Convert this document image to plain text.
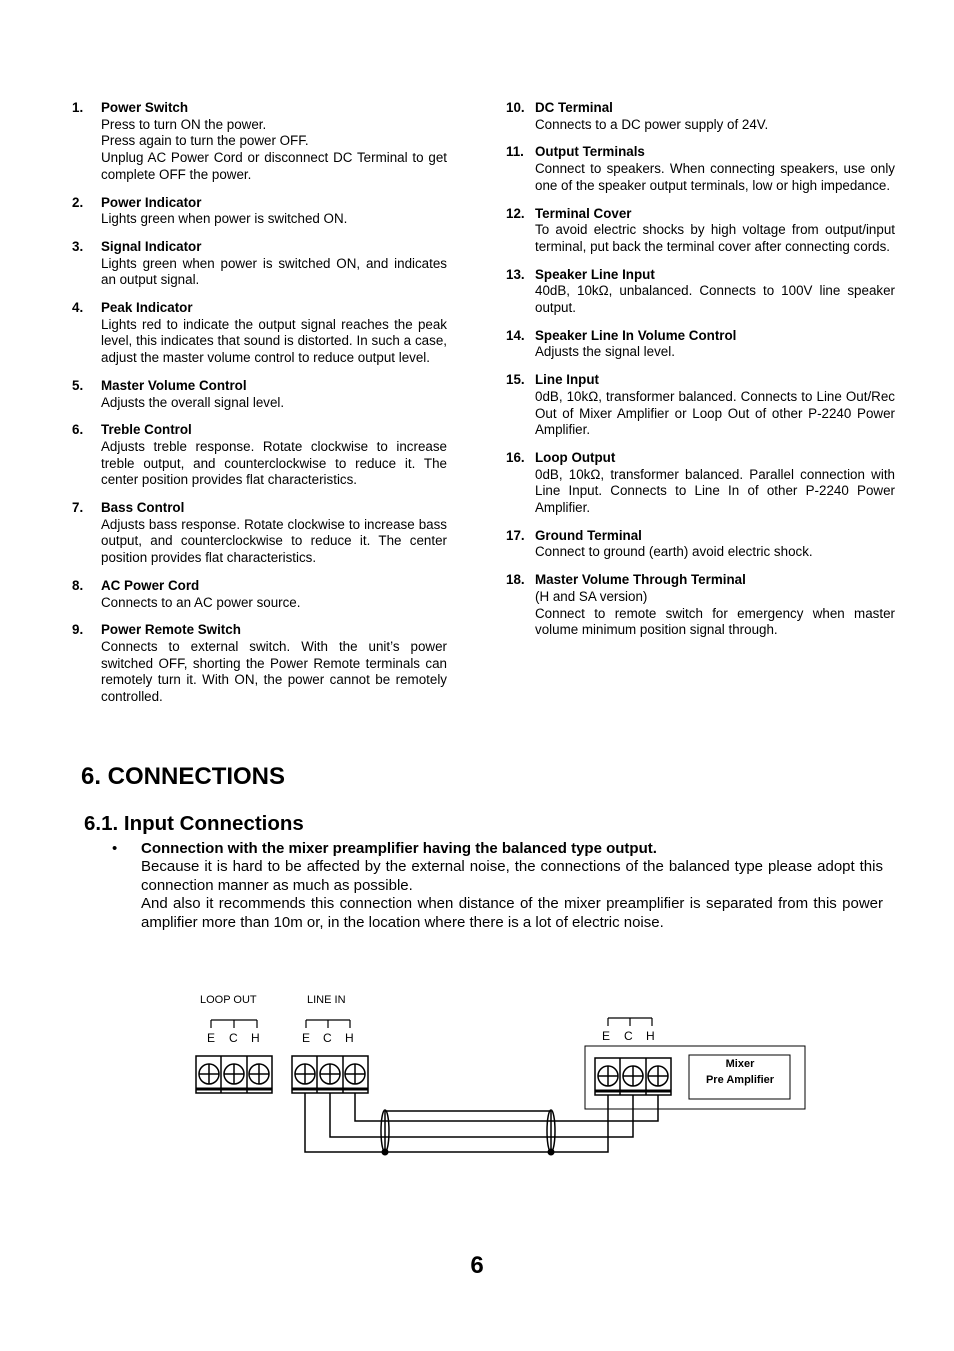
1.	Power Switch
Press to turn ON the power.
Press again to turn the power OFF.
Unplug AC Power Cord or disconnect DC Terminal to get complete OFF the power.
2.	Power Indicator
Lights green when power is switched ON.
3.	Signal Indicator
Lights green when power is switched ON, and indicates an output signal.
4.	Peak Indicator
Lights red to indicate the output signal reaches the peak level, this indicates that sound is distorted. In such a case, adjust the master volume control to reduce output level.
5.	Master Volume Control
Adjusts the overall signal level.
6.	Treble Control
Adjusts treble response. Rotate clockwise to increase treble output, and counterclockwise to reduce it. The center position provides flat characteristics.
7.	Bass Control
Adjusts bass response. Rotate clockwise to increase bass output, and counterclockwise to reduce it. The center position provides flat characteristics.
8.	AC Power Cord
Connects to an AC power source.
9.	Power Remote Switch
Connects to external switch. With the unit’s power switched OFF, shorting the Power Remote terminals can remotely turn it. With ON, the power cannot be remotely controlled.
10. DC Terminal
Connects to a DC power supply of 24V.
11. Output Terminals
Connect to speakers. When connecting speakers, use only one of the speaker output terminals, low or high impedance.
12. Terminal Cover
To avoid electric shocks by high voltage from output/input terminal, put back the terminal cover after connecting cords.
13. Speaker Line Input
40dB, 10kΩ, unbalanced. Connects to 100V line speaker output.
14. Speaker Line In Volume Control
Adjusts the signal level.
15. Line Input
0dB, 10kΩ, transformer balanced. Connects to Line Out/Rec Out of Mixer Amplifier or Loop Out of other P-2240 Power Amplifier.
16. Loop Output
0dB, 10kΩ, transformer balanced. Parallel connection with Line Input. Connects to Line In of other P-2240 Power Amplifier.
17. Ground Terminal
Connect to ground (earth) avoid electric shock.
18. Master Volume Through Terminal
(H and SA version)
Connect to remote switch for emergency when master volume minimum position signal through.
6. CONNECTIONS
6.1. Input Connections
•	Connection with the mixer preamplifier having the balanced type output.
Because it is hard to be affected by the external noise, the connections of the balanced type please adopt this connection manner as much as possible.
And also it recommends this connection when distance of the mixer preamplifier is separated from this power amplifier more than 10m or, in the location where there is a lot of electric noise.
LOOP OUT	LINE IN
E C H	E C H	E C H
Mixer
Pre Amplifier
6
